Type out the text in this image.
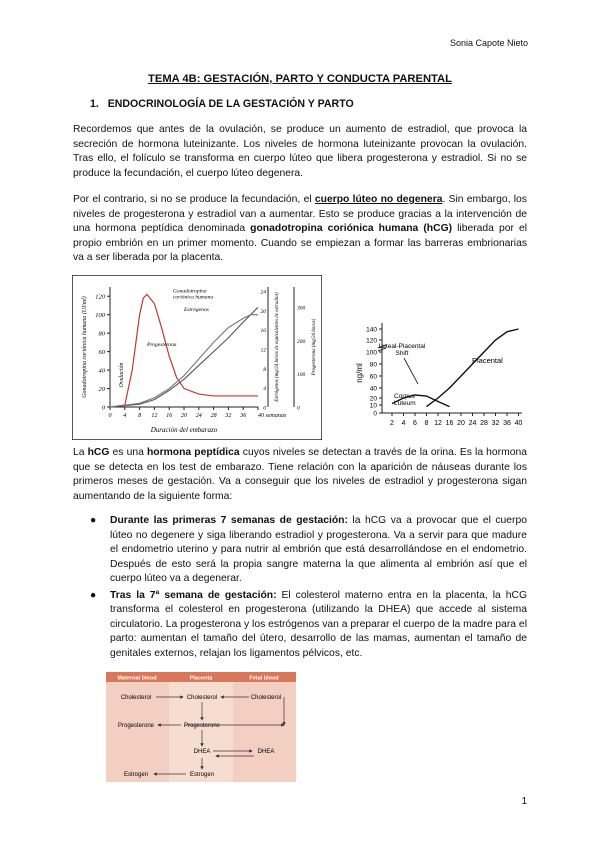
Sonia Capote Nieto
TEMA 4B: GESTACIÓN, PARTO Y CONDUCTA PARENTAL
1. ENDOCRINOLOGÍA DE LA GESTACIÓN Y PARTO

Recordemos que antes de la ovulación, se produce un aumento de estradiol, que provoca la secreción de hormona luteinizante. Los niveles de hormona luteinizante provocan la ovulación. Tras ello, el folículo se transforma en cuerpo lúteo que libera progesterona y estradiol. Si no se produce la fecundación, el cuerpo lúteo degenera.

Por el contrario, si no se produce la fecundación, el cuerpo lúteo no degenera. Sin embargo, los niveles de progesterona y estradiol van a aumentar. Esto se produce gracias a la intervención de una hormona peptídica denominada gonadotropina coriónica humana (hCG) liberada por el propio embrión en un primer momento. Cuando se empiezan a formar las barreras embrionarias va a ser liberada por la placenta.

0
20
40
60
80
100
120
0 4 8 12 16 20 24 28 32 36 40 semanas
0
4
8
12
16
20
24
0
100
200
300
Gonadotropina coriónica humana (UI/ml)	Estrógenos (mg/24 horas de equivalentes de estradiol)	Progesterona (mg/24 horas)
Duración del embarazo
Ovulación
Gonadotropina
coriónica humana
Estrógenos
Progesterona
0
10
20
40
60
80
100
120
140
2 4 6 8 12 16 20 24 28 32 36 40
ng/ml
Corpus
Luteum
Placental
Luteal-Placental
Shift

La hCG es una hormona peptídica cuyos niveles se detectan a través de la orina. Es la hormona que se detecta en los test de embarazo. Tiene relación con la aparición de náuseas durante los primeros meses de gestación. Va a conseguir que los niveles de estradiol y progesterona sigan aumentando de la siguiente forma:

● Durante las primeras 7 semanas de gestación: la hCG va a provocar que el cuerpo lúteo no degenere y siga liberando estradiol y progesterona. Va a servir para que madure el endometrio uterino y para nutrir al embrión que está desarrollándose en el endometrio. Después de esto será la propia sangre materna la que alimenta al embrión así que el cuerpo lúteo va a degenerar.
● Tras la 7ª semana de gestación: El colesterol materno entra en la placenta, la hCG transforma el colesterol en progesterona (utilizando la DHEA) que accede al sistema circulatorio. La progesterona y los estrógenos van a preparar el cuerpo de la madre para el parto: aumentan el tamaño del útero, desarrollo de las mamas, aumentan el tamaño de genitales externos, relajan los ligamentos pélvicos, etc.
Maternal blood	Placenta	Fetal blood
Cholesterol	Cholesterol	Cholesterol
Progesterone	Progesterone
DHEA	DHEA
Estrogen	Estrogen
1
